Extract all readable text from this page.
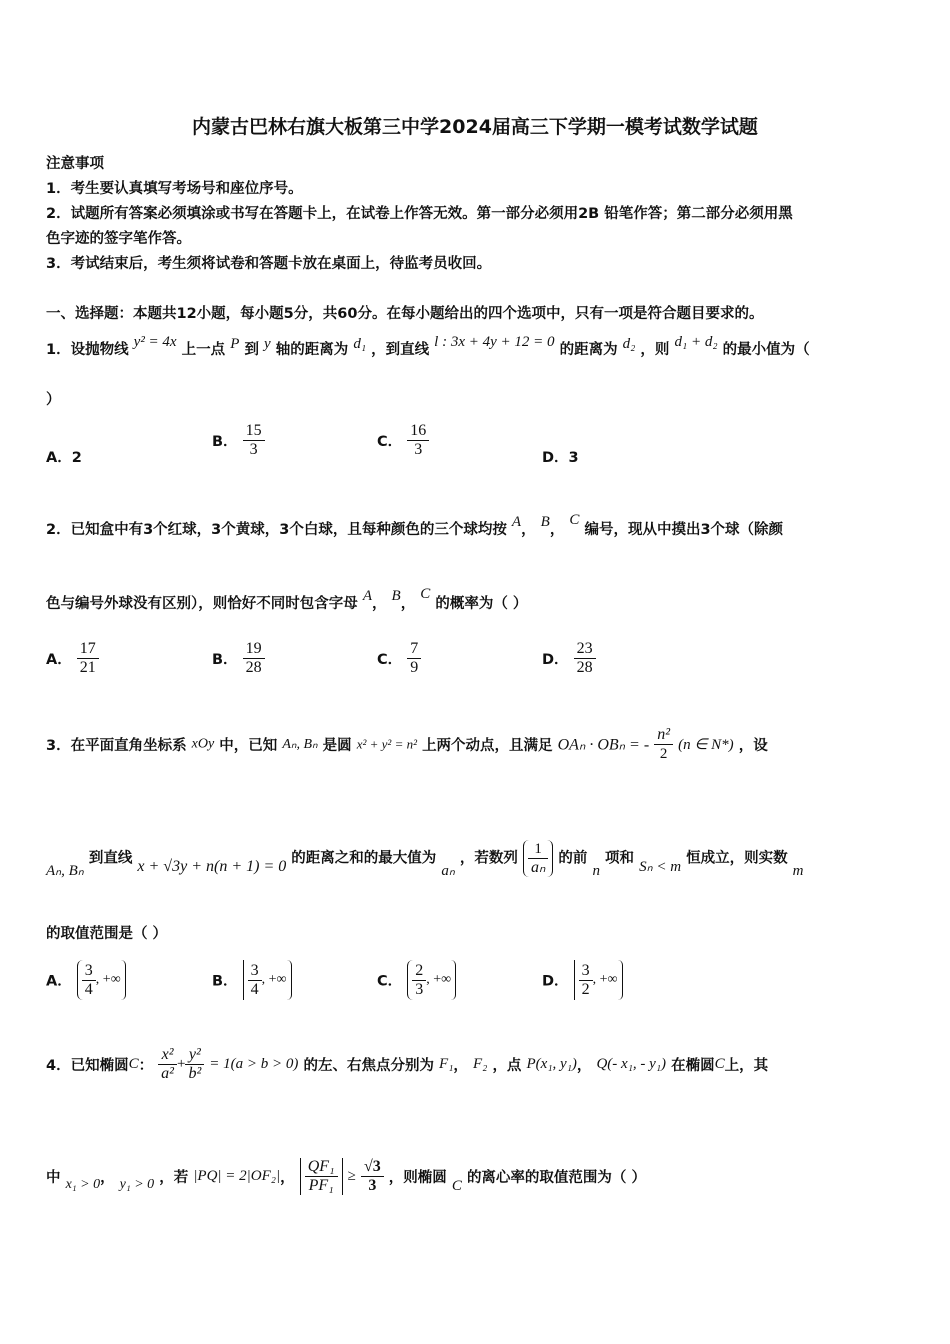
内蒙古巴林右旗大板第三中学2024届高三下学期一模考试数学试题
注意事项
1．考生要认真填写考场号和座位序号。
2．试题所有答案必须填涂或书写在答题卡上，在试卷上作答无效。第一部分必须用2B 铅笔作答；第二部分必须用黑
色字迹的签字笔作答。
3．考试结束后，考生须将试卷和答题卡放在桌面上，待监考员收回。
一、选择题：本题共12小题，每小题5分，共60分。在每小题给出的四个选项中，只有一项是符合题目要求的。
1．设抛物线 y² = 4x 上一点 P 到 y 轴的距离为 d₁ ，到直线 l : 3x + 4y + 12 = 0 的距离为 d₂ ，则 d₁ + d₂ 的最小值为（
）
A．2
B． $\frac{15}{3}$	C． $\frac{16}{3}$	D．3
2．已知盒中有3个红球，3个黄球，3个白球，且每种颜色的三个球均按 A， B， C 编号，现从中摸出3个球（除颜
色与编号外球没有区别），则恰好不同时包含字母 A， B， C 的概率为（ ）
A． $\frac{17}{21}$	B． $\frac{19}{28}$	C． $\frac{7}{9}$	D． $\frac{23}{28}$
3．在平面直角坐标系 xOy 中，已知 Aₙ, Bₙ 是圆 x² + y² = n² 上两个动点，且满足 OAₙ · OBₙ = - $\frac{\text{n²}}{2} (n$ ∈ N*) ，设
Aₙ, Bₙ 到直线 x + √3y + n(n + 1) = 0 的距离之和的最大值为 aₙ ，若数列 $\frac{1}{\text{aₙ}}$ 的前 n 项和 Sₙ < m 恒成立，则实数 m
的取值范围是（ ）
A． $\frac{3}{4}$ , +∞	B． $\frac{3}{4}$ , +∞	C． $\frac{2}{3}$ , +∞	D． $\frac{3}{2}$ , +∞
4．已知椭圆C： $\frac{\text{x²}}{\text{a²}} + \frac{\text{y²}}{\text{b²}} = 1(a > b > 0)$ 的左、右焦点分别为 F₁， F₂ ，点 P(x₁, y₁)， Q(- x₁, - y₁) 在椭圆C上，其
中 x₁ > 0， y₁ > 0 ，若 |PQ| = 2|OF₂|， $\frac{\text{QF₁}}{\text{PF₁}} \ge \frac{√3}{3}$ ，则椭圆 C 的离心率的取值范围为（ ）
